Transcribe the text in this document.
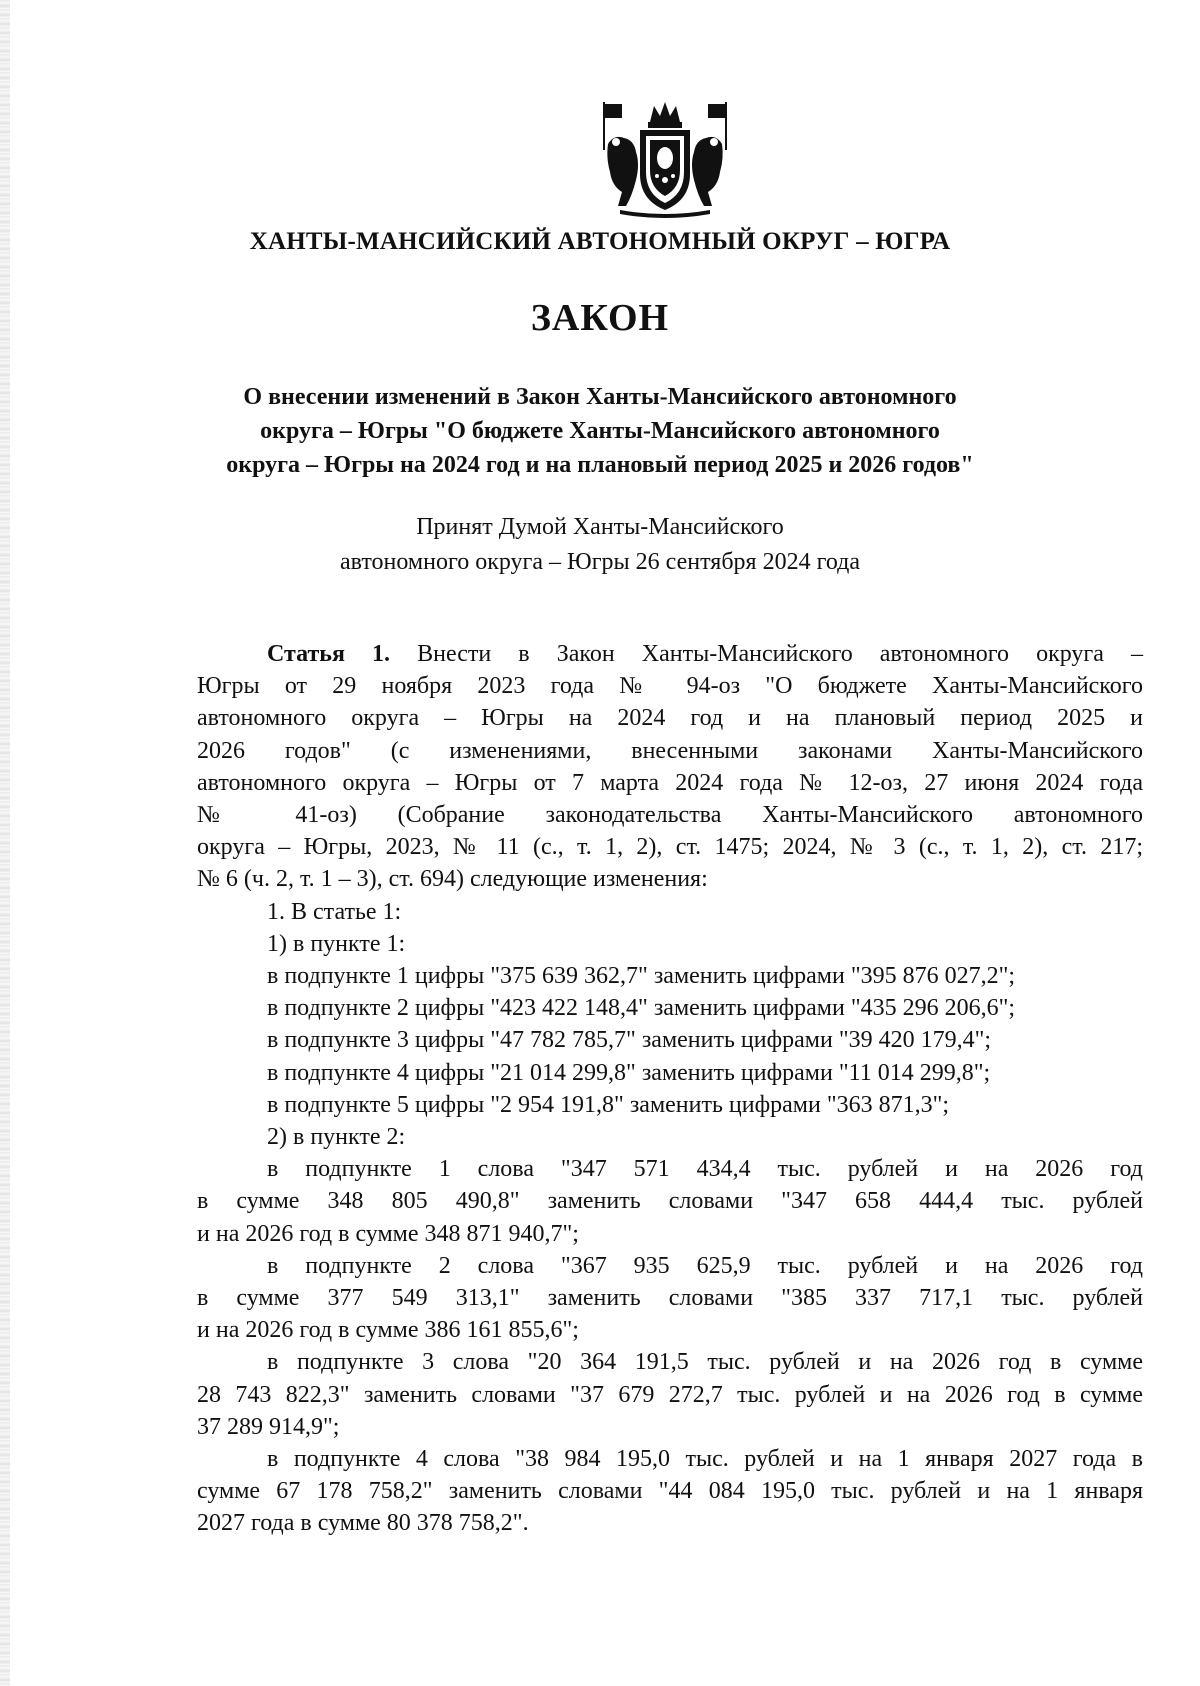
ХАНТЫ-МАНСИЙСКИЙ АВТОНОМНЫЙ ОКРУГ – ЮГРА
ЗАКОН
О внесении изменений в Закон Ханты-Мансийского автономного
округа – Югры "О бюджете Ханты-Мансийского автономного
округа – Югры на 2024 год и на плановый период 2025 и 2026 годов"
Принят Думой Ханты-Мансийского
автономного округа – Югры 26 сентября 2024 года
Статья 1. Внести в Закон Ханты-Мансийского автономного округа –
Югры от 29 ноября 2023 года № 94-оз "О бюджете Ханты-Мансийского
автономного округа – Югры на 2024 год и на плановый период 2025 и
2026 годов" (с изменениями, внесенными законами Ханты-Мансийского
автономного округа – Югры от 7 марта 2024 года № 12-оз, 27 июня 2024 года
№ 41-оз) (Собрание законодательства Ханты-Мансийского автономного
округа – Югры, 2023, № 11 (с., т. 1, 2), ст. 1475; 2024, № 3 (с., т. 1, 2), ст. 217;
№ 6 (ч. 2, т. 1 – 3), ст. 694) следующие изменения:
1. В статье 1:
1) в пункте 1:
в подпункте 1 цифры "375 639 362,7" заменить цифрами "395 876 027,2";
в подпункте 2 цифры "423 422 148,4" заменить цифрами "435 296 206,6";
в подпункте 3 цифры "47 782 785,7" заменить цифрами "39 420 179,4";
в подпункте 4 цифры "21 014 299,8" заменить цифрами "11 014 299,8";
в подпункте 5 цифры "2 954 191,8" заменить цифрами "363 871,3";
2) в пункте 2:
в подпункте 1 слова "347 571 434,4 тыс. рублей и на 2026 год
в сумме 348 805 490,8" заменить словами "347 658 444,4 тыс. рублей
и на 2026 год в сумме 348 871 940,7";
в подпункте 2 слова "367 935 625,9 тыс. рублей и на 2026 год
в сумме 377 549 313,1" заменить словами "385 337 717,1 тыс. рублей
и на 2026 год в сумме 386 161 855,6";
в подпункте 3 слова "20 364 191,5 тыс. рублей и на 2026 год в сумме
28 743 822,3" заменить словами "37 679 272,7 тыс. рублей и на 2026 год в сумме
37 289 914,9";
в подпункте 4 слова "38 984 195,0 тыс. рублей и на 1 января 2027 года в
сумме 67 178 758,2" заменить словами "44 084 195,0 тыс. рублей и на 1 января
2027 года в сумме 80 378 758,2".
